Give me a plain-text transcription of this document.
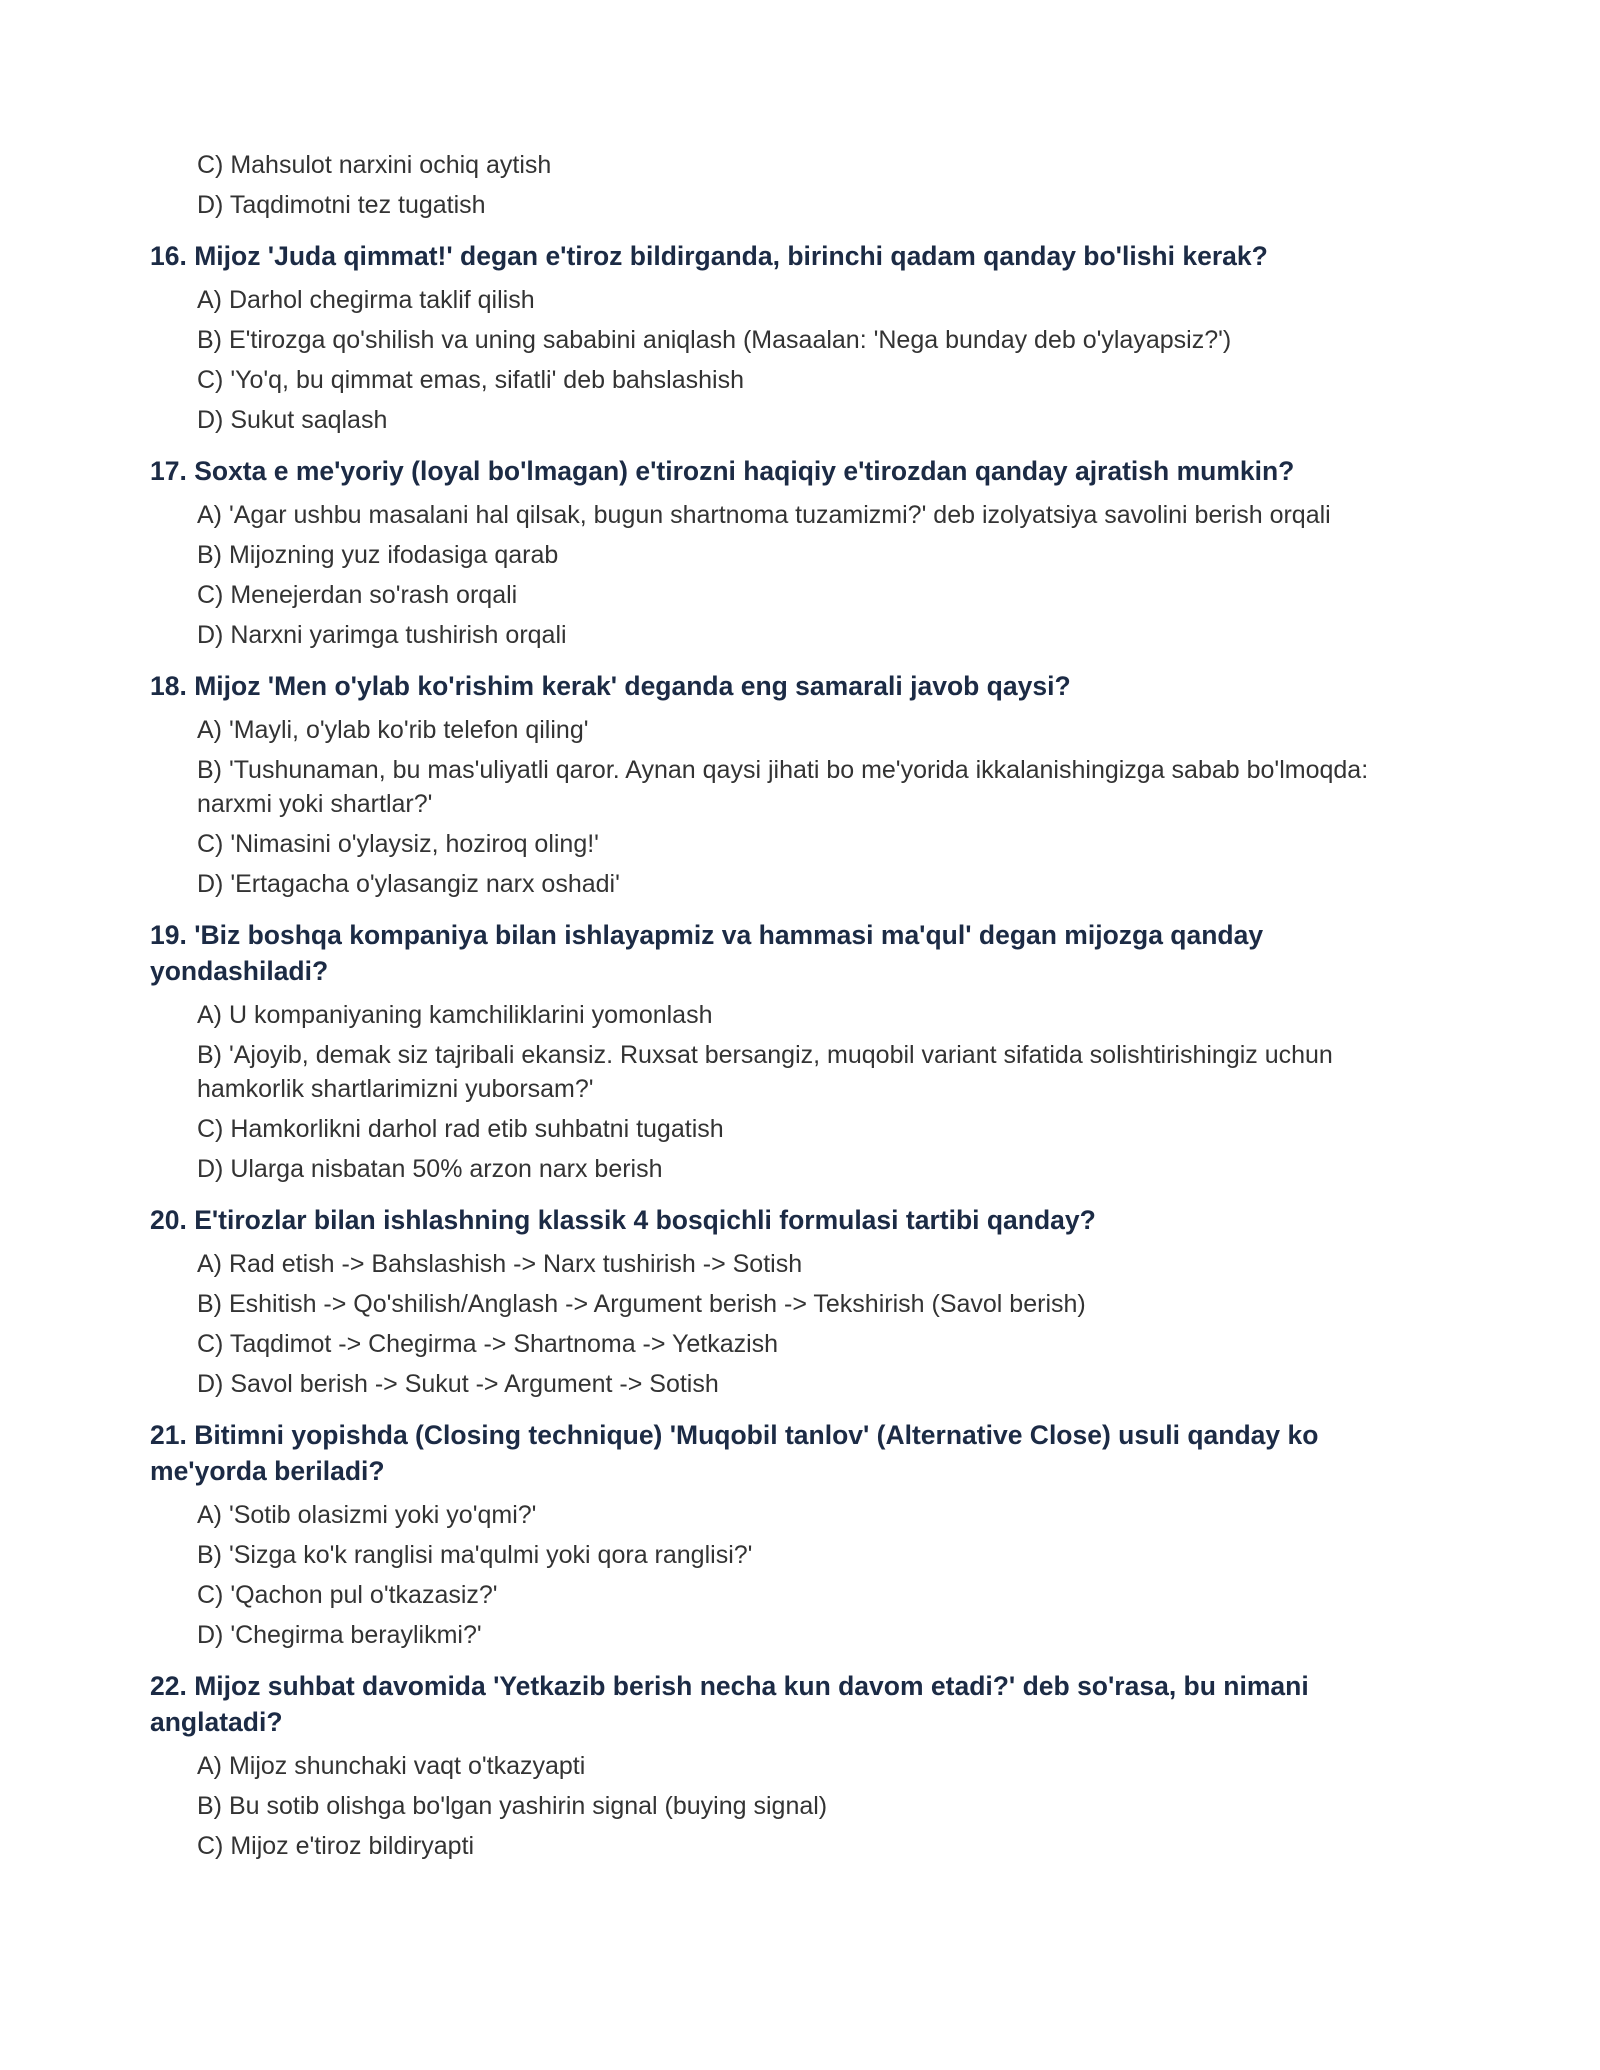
C) Mahsulot narxini ochiq aytish
D) Taqdimotni tez tugatish
16. Mijoz 'Juda qimmat!' degan e'tiroz bildirganda, birinchi qadam qanday bo'lishi kerak?
A) Darhol chegirma taklif qilish
B) E'tirozga qo'shilish va uning sababini aniqlash (Masaalan: 'Nega bunday deb o'ylayapsiz?')
C) 'Yo'q, bu qimmat emas, sifatli' deb bahslashish
D) Sukut saqlash
17. Soxta e me'yoriy (loyal bo'lmagan) e'tirozni haqiqiy e'tirozdan qanday ajratish mumkin?
A) 'Agar ushbu masalani hal qilsak, bugun shartnoma tuzamizmi?' deb izolyatsiya savolini berish orqali
B) Mijozning yuz ifodasiga qarab
C) Menejerdan so'rash orqali
D) Narxni yarimga tushirish orqali
18. Mijoz 'Men o'ylab ko'rishim kerak' deganda eng samarali javob qaysi?
A) 'Mayli, o'ylab ko'rib telefon qiling'
B) 'Tushunaman, bu mas'uliyatli qaror. Aynan qaysi jihati bo me'yorida ikkalanishingizga sabab bo'lmoqda: narxmi yoki shartlar?'
C) 'Nimasini o'ylaysiz, hoziroq oling!'
D) 'Ertagacha o'ylasangiz narx oshadi'
19. 'Biz boshqa kompaniya bilan ishlayapmiz va hammasi ma'qul' degan mijozga qanday yondashiladi?
A) U kompaniyaning kamchiliklarini yomonlash
B) 'Ajoyib, demak siz tajribali ekansiz. Ruxsat bersangiz, muqobil variant sifatida solishtirishingiz uchun hamkorlik shartlarimizni yuborsam?'
C) Hamkorlikni darhol rad etib suhbatni tugatish
D) Ularga nisbatan 50% arzon narx berish
20. E'tirozlar bilan ishlashning klassik 4 bosqichli formulasi tartibi qanday?
A) Rad etish -> Bahslashish -> Narx tushirish -> Sotish
B) Eshitish -> Qo'shilish/Anglash -> Argument berish -> Tekshirish (Savol berish)
C) Taqdimot -> Chegirma -> Shartnoma -> Yetkazish
D) Savol berish -> Sukut -> Argument -> Sotish
21. Bitimni yopishda (Closing technique) 'Muqobil tanlov' (Alternative Close) usuli qanday ko me'yorda beriladi?
A) 'Sotib olasizmi yoki yo'qmi?'
B) 'Sizga ko'k ranglisi ma'qulmi yoki qora ranglisi?'
C) 'Qachon pul o'tkazasiz?'
D) 'Chegirma beraylikmi?'
22. Mijoz suhbat davomida 'Yetkazib berish necha kun davom etadi?' deb so'rasa, bu nimani anglatadi?
A) Mijoz shunchaki vaqt o'tkazyapti
B) Bu sotib olishga bo'lgan yashirin signal (buying signal)
C) Mijoz e'tiroz bildiryapti
